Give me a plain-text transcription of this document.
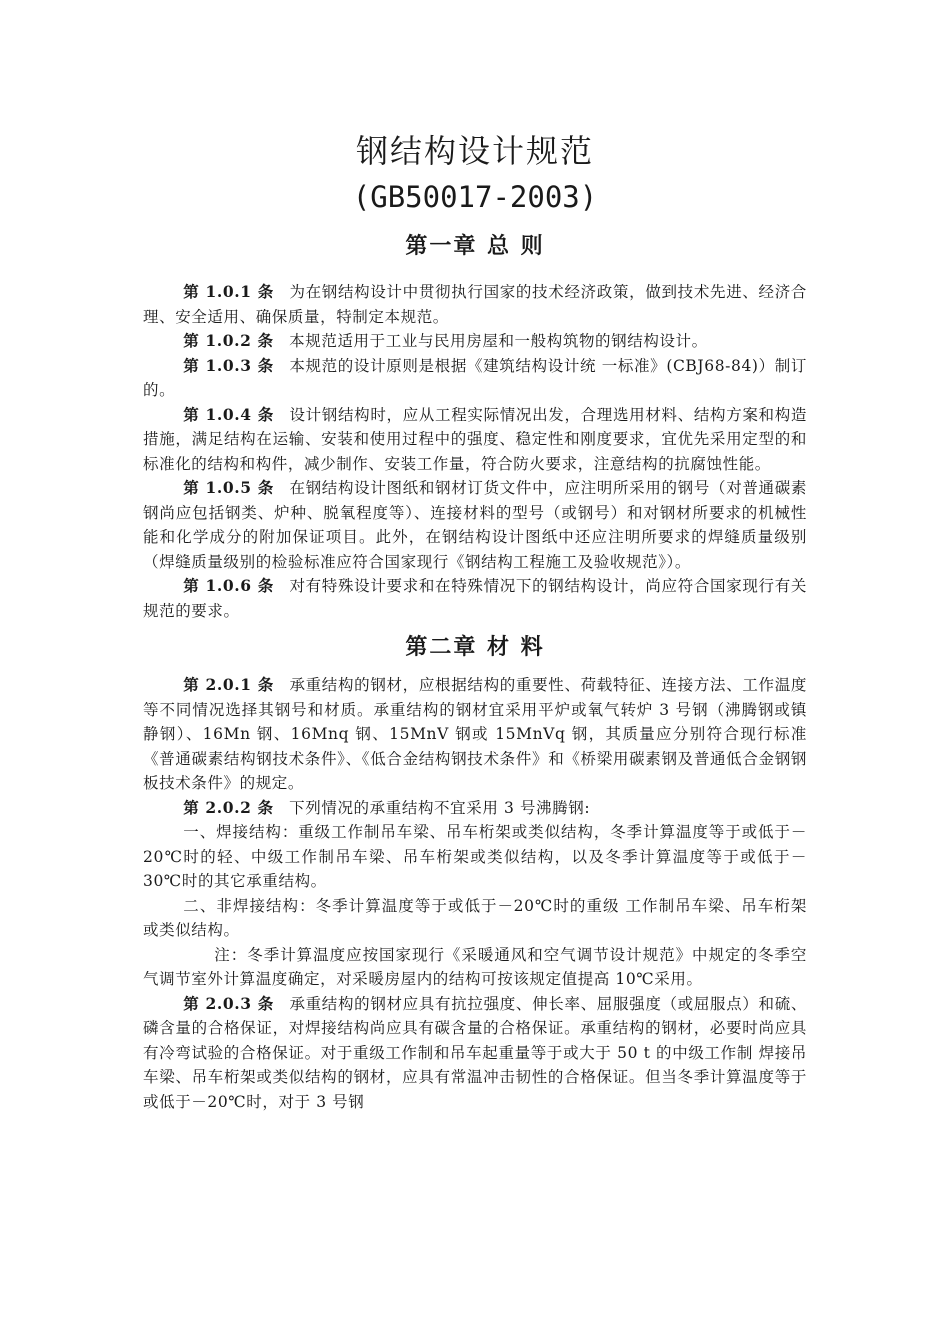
钢结构设计规范
(GB50017-2003)
第一章 总 则

第 1.0.1 条 为在钢结构设计中贯彻执行国家的技术经济政策，做到技术先进、经济合理、安全适用、确保质量，特制定本规范。

第 1.0.2 条 本规范适用于工业与民用房屋和一般构筑物的钢结构设计。

第 1.0.3 条 本规范的设计原则是根据《建筑结构设计统 一标准》(CBJ68-84)）制订的。

第 1.0.4 条 设计钢结构时，应从工程实际情况出发，合理选用材料、结构方案和构造措施，满足结构在运输、安装和使用过程中的强度、稳定性和刚度要求，宜优先采用定型的和标准化的结构和构件，减少制作、安装工作量，符合防火要求，注意结构的抗腐蚀性能。

第 1.0.5 条 在钢结构设计图纸和钢材订货文件中，应注明所采用的钢号（对普通碳素钢尚应包括钢类、炉种、脱氧程度等）、连接材料的型号（或钢号）和对钢材所要求的机械性能和化学成分的附加保证项目。此外，在钢结构设计图纸中还应注明所要求的焊缝质量级别（焊缝质量级别的检验标准应符合国家现行《钢结构工程施工及验收规范》）。

第 1.0.6 条 对有特殊设计要求和在特殊情况下的钢结构设计，尚应符合国家现行有关规范的要求。

第二章 材 料

第 2.0.1 条 承重结构的钢材，应根据结构的重要性、荷载特征、连接方法、工作温度等不同情况选择其钢号和材质。承重结构的钢材宜采用平炉或氧气转炉 3 号钢（沸腾钢或镇 静钢）、16Mn 钢、16Mnq 钢、15MnV 钢或 15MnVq 钢，其质量应分别符合现行标准《普通碳素结构钢技术条件》、《低合金结构钢技术条件》和《桥梁用碳素钢及普通低合金钢钢板技术条件》的规定。

第 2.0.2 条 下列情况的承重结构不宜采用 3 号沸腾钢:

一、焊接结构：重级工作制吊车梁、吊车桁架或类似结构，冬季计算温度等于或低于－20℃时的轻、中级工作制吊车梁、吊车桁架或类似结构，以及冬季计算温度等于或低于－30℃时的其它承重结构。

二、非焊接结构：冬季计算温度等于或低于－20℃时的重级 工作制吊车梁、吊车桁架或类似结构。

注：冬季计算温度应按国家现行《采暖通风和空气调节设计规范》中规定的冬季空气调节室外计算温度确定，对采暖房屋内的结构可按该规定值提高 10℃采用。

第 2.0.3 条 承重结构的钢材应具有抗拉强度、伸长率、屈服强度（或屈服点）和硫、磷含量的合格保证，对焊接结构尚应具有碳含量的合格保证。承重结构的钢材，必要时尚应具有冷弯试验的合格保证。对于重级工作制和吊车起重量等于或大于 50 t 的中级工作制 焊接吊车梁、吊车桁架或类似结构的钢材，应具有常温冲击韧性的合格保证。但当冬季计算温度等于或低于－20℃时，对于 3 号钢
